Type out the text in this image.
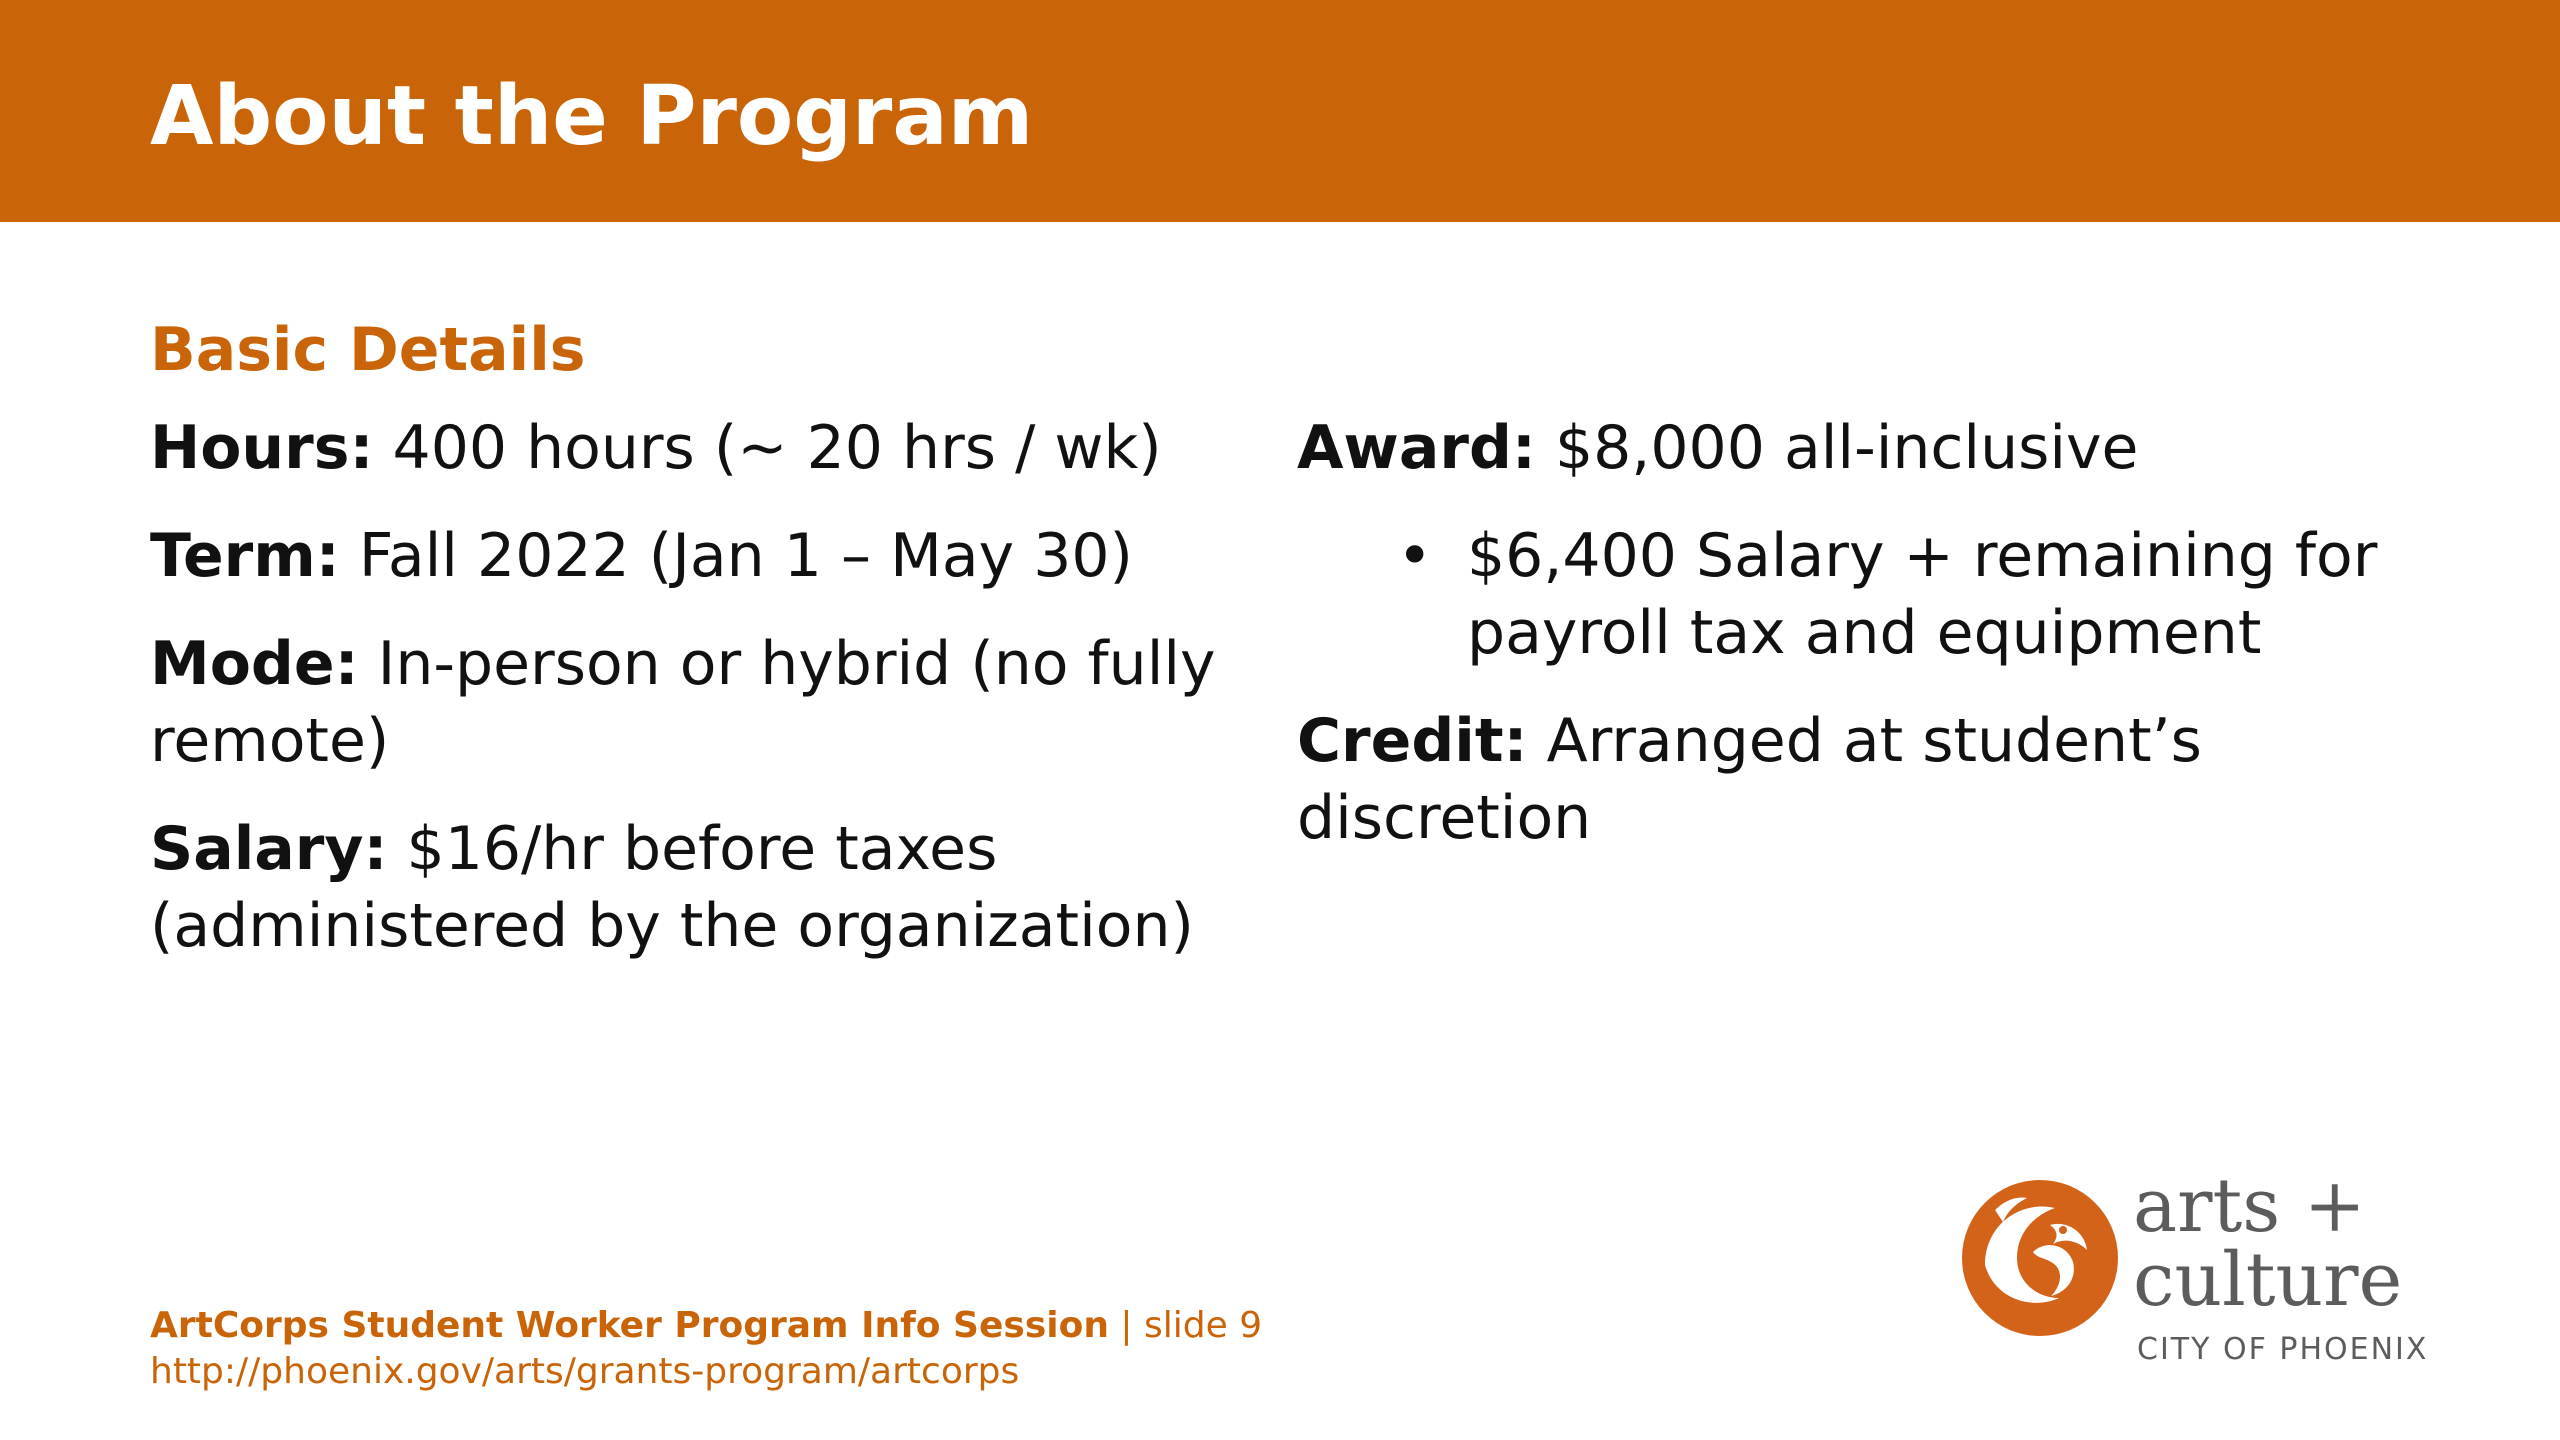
About the Program
Basic Details
Hours: 400 hours (~ 20 hrs / wk)
Term: Fall 2022 (Jan 1 – May 30)
Mode: In-person or hybrid (no fully remote)
Salary: $16/hr before taxes (administered by the organization)
Award: $8,000 all-inclusive
• $6,400 Salary + remaining for payroll tax and equipment
Credit: Arranged at student’s discretion
ArtCorps Student Worker Program Info Session | slide 9
http://phoenix.gov/arts/grants-program/artcorps
arts +
culture
CITY OF PHOENIX
